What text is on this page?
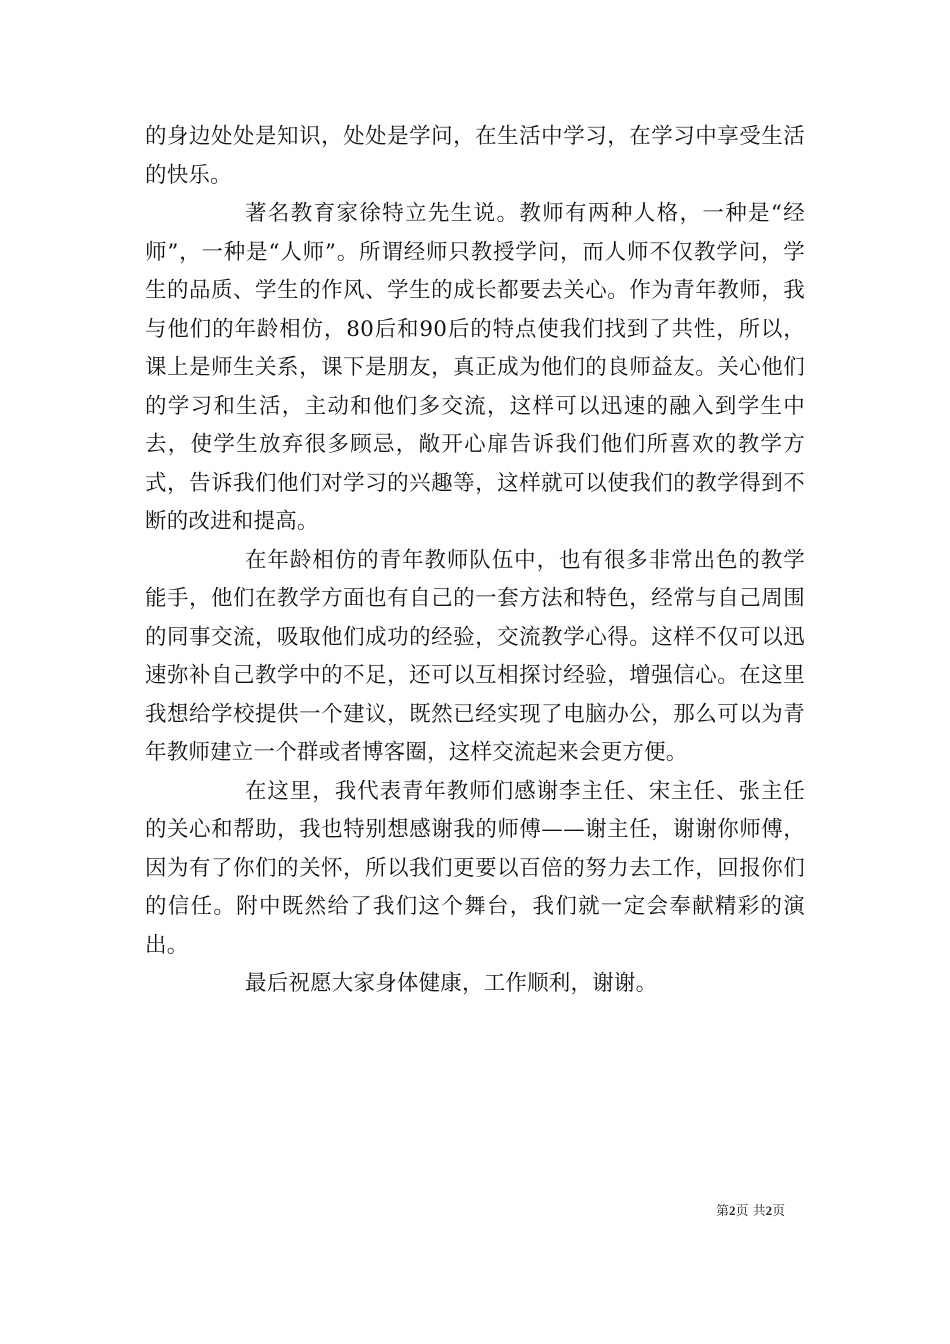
的身边处处是知识，处处是学问，在生活中学习，在学习中享受生活的快乐。

著名教育家徐特立先生说。教师有两种人格，一种是“经师”，一种是“人师”。所谓经师只教授学问，而人师不仅教学问，学生的品质、学生的作风、学生的成长都要去关心。作为青年教师，我与他们的年龄相仿，80后和90后的特点使我们找到了共性，所以，课上是师生关系，课下是朋友，真正成为他们的良师益友。关心他们的学习和生活，主动和他们多交流，这样可以迅速的融入到学生中去，使学生放弃很多顾忌，敞开心扉告诉我们他们所喜欢的教学方式，告诉我们他们对学习的兴趣等，这样就可以使我们的教学得到不断的改进和提高。

在年龄相仿的青年教师队伍中，也有很多非常出色的教学能手，他们在教学方面也有自己的一套方法和特色，经常与自己周围的同事交流，吸取他们成功的经验，交流教学心得。这样不仅可以迅速弥补自己教学中的不足，还可以互相探讨经验，增强信心。在这里我想给学校提供一个建议，既然已经实现了电脑办公，那么可以为青年教师建立一个群或者博客圈，这样交流起来会更方便。

在这里，我代表青年教师们感谢李主任、宋主任、张主任的关心和帮助，我也特别想感谢我的师傅——谢主任，谢谢你师傅，因为有了你们的关怀，所以我们更要以百倍的努力去工作，回报你们的信任。附中既然给了我们这个舞台，我们就一定会奉献精彩的演出。

最后祝愿大家身体健康，工作顺利，谢谢。

第2页 共2页
